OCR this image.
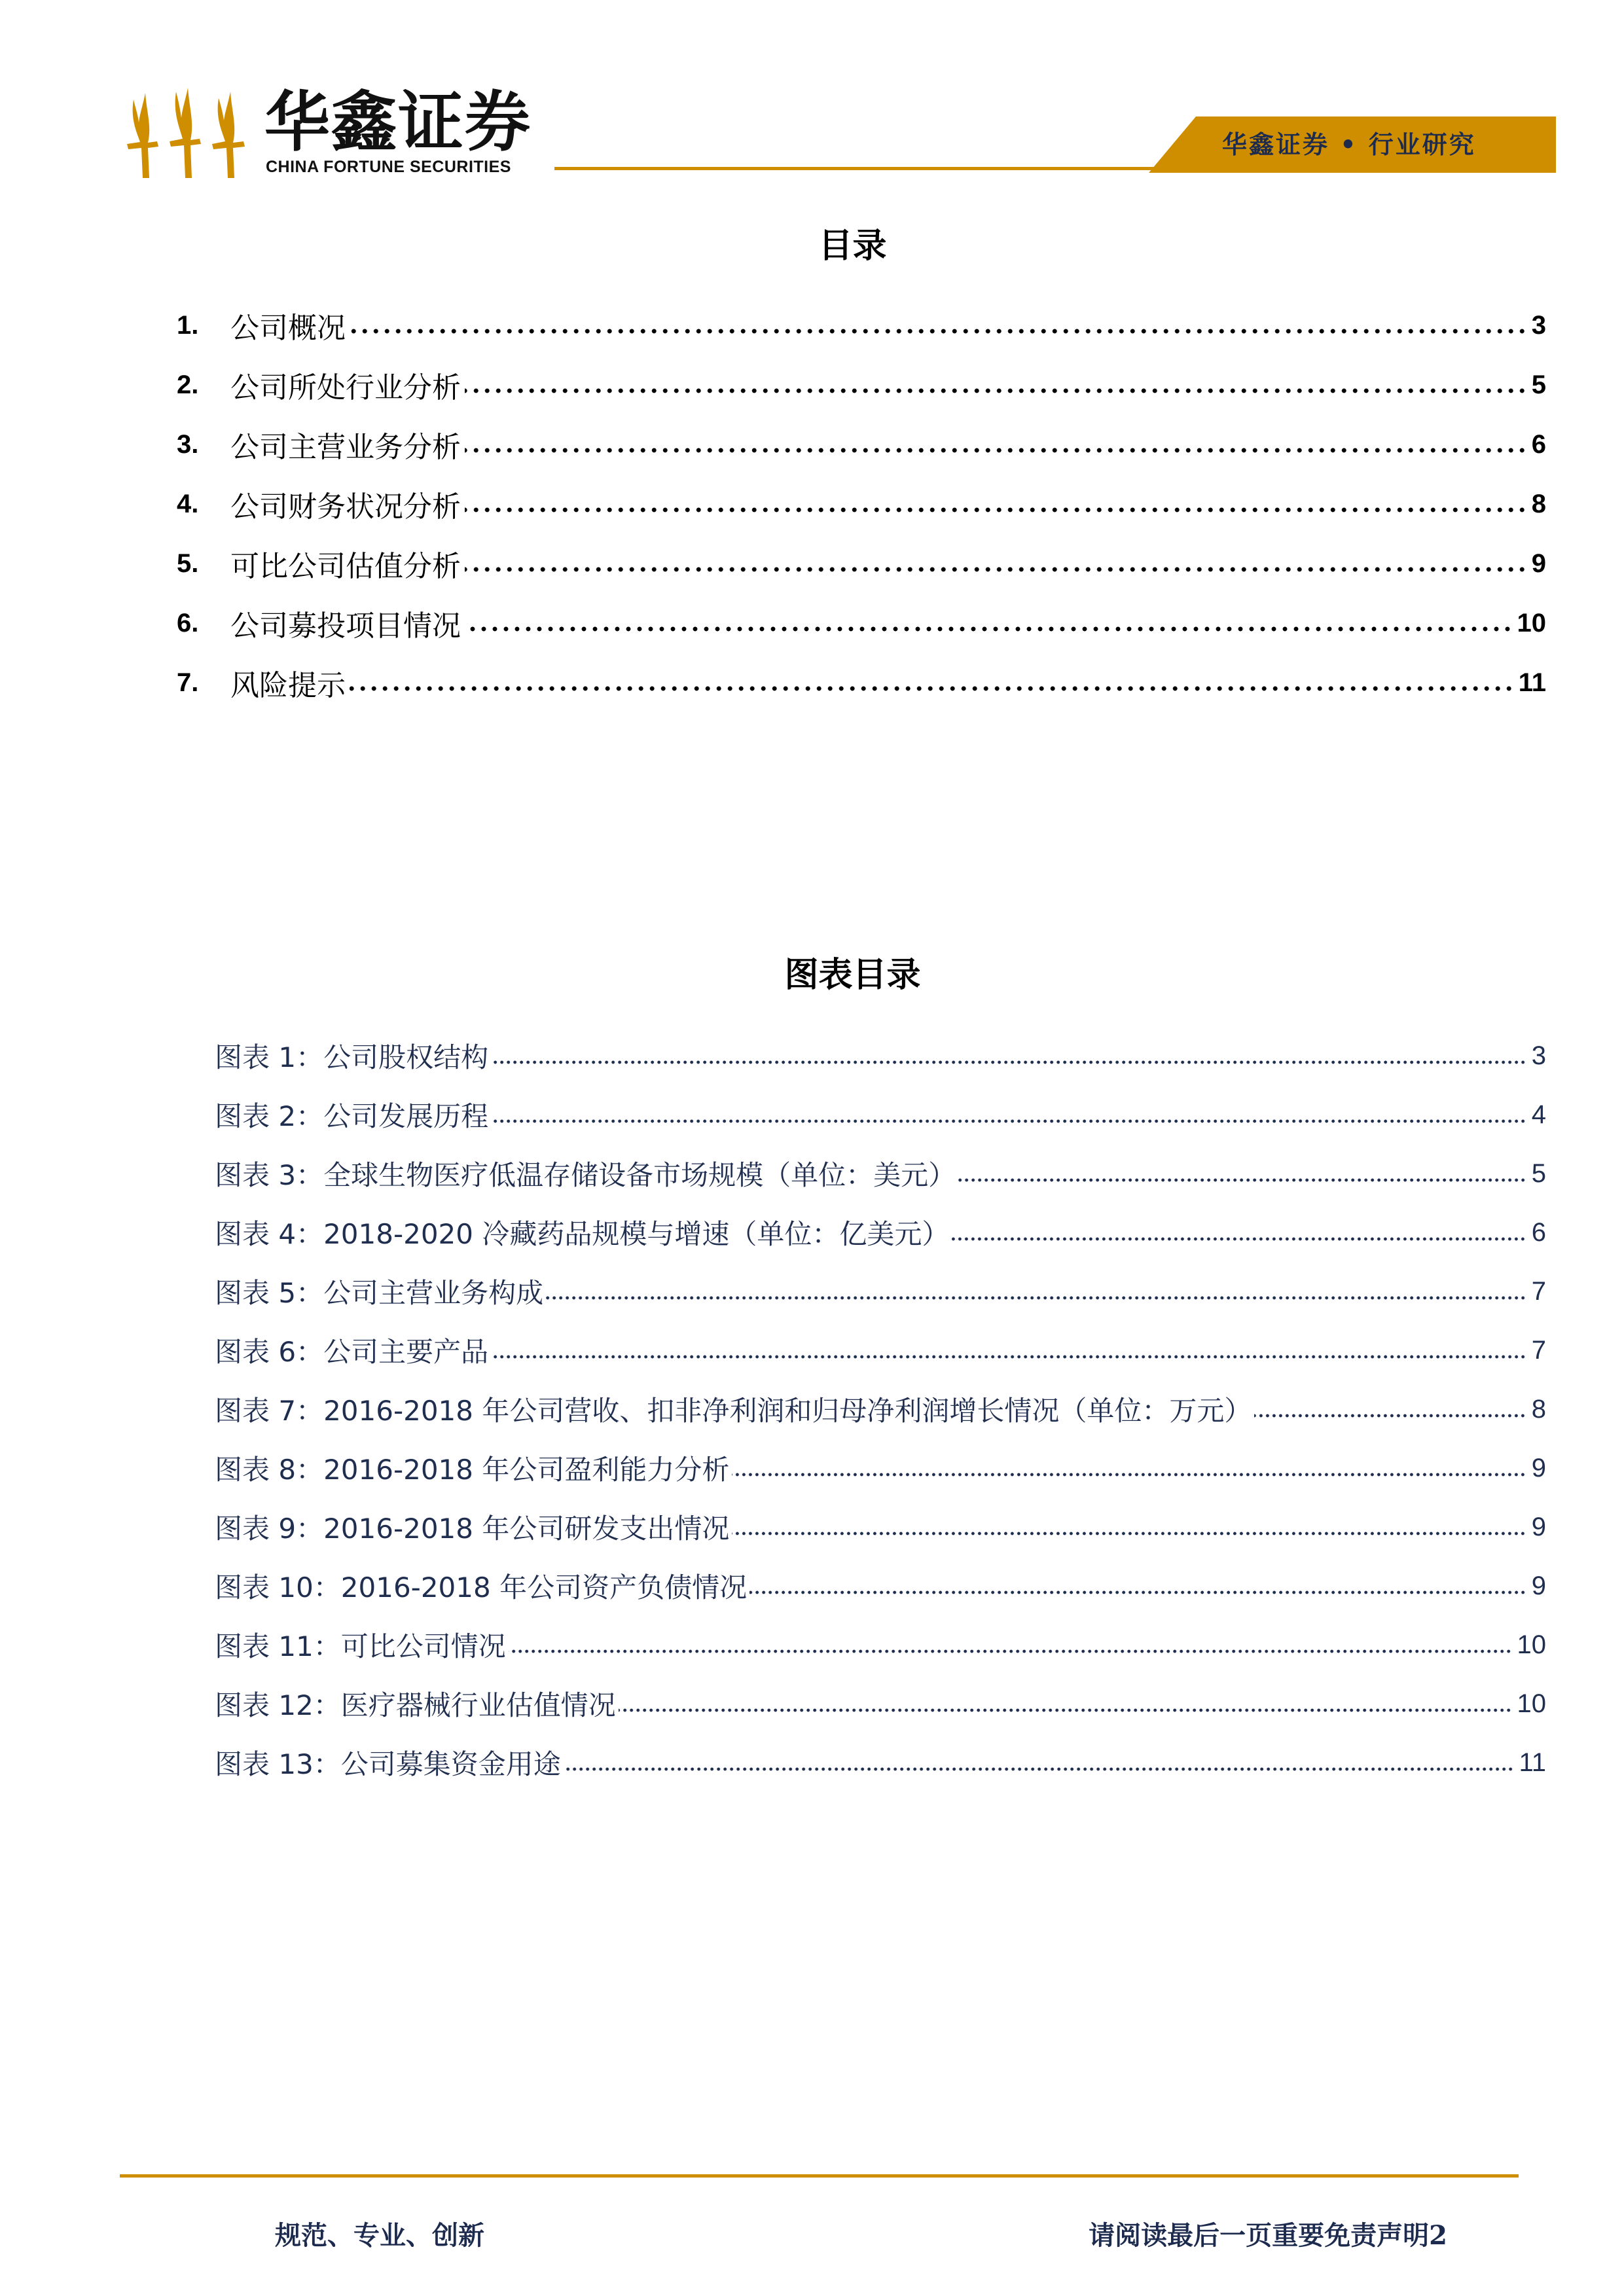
华鑫证券
CHINA FORTUNE SECURITIES
华鑫证券 • 行业研究
目录
1.	公司概况	3
2.	公司所处行业分析	5
3.	公司主营业务分析	6
4.	公司财务状况分析	8
5.	可比公司估值分析	9
6.	公司募投项目情况	10
7.	风险提示	11
图表目录
图表 1：公司股权结构	3
图表 2：公司发展历程	4
图表 3：全球生物医疗低温存储设备市场规模（单位：美元）	5
图表 4：2018-2020 冷藏药品规模与增速（单位：亿美元）	6
图表 5：公司主营业务构成	7
图表 6：公司主要产品	7
图表 7：2016-2018 年公司营收、扣非净利润和归母净利润增长情况（单位：万元）	8
图表 8：2016-2018 年公司盈利能力分析	9
图表 9：2016-2018 年公司研发支出情况	9
图表 10：2016-2018 年公司资产负债情况	9
图表 11：可比公司情况	10
图表 12：医疗器械行业估值情况	10
图表 13：公司募集资金用途	11
规范、专业、创新	请阅读最后一页重要免责声明2
